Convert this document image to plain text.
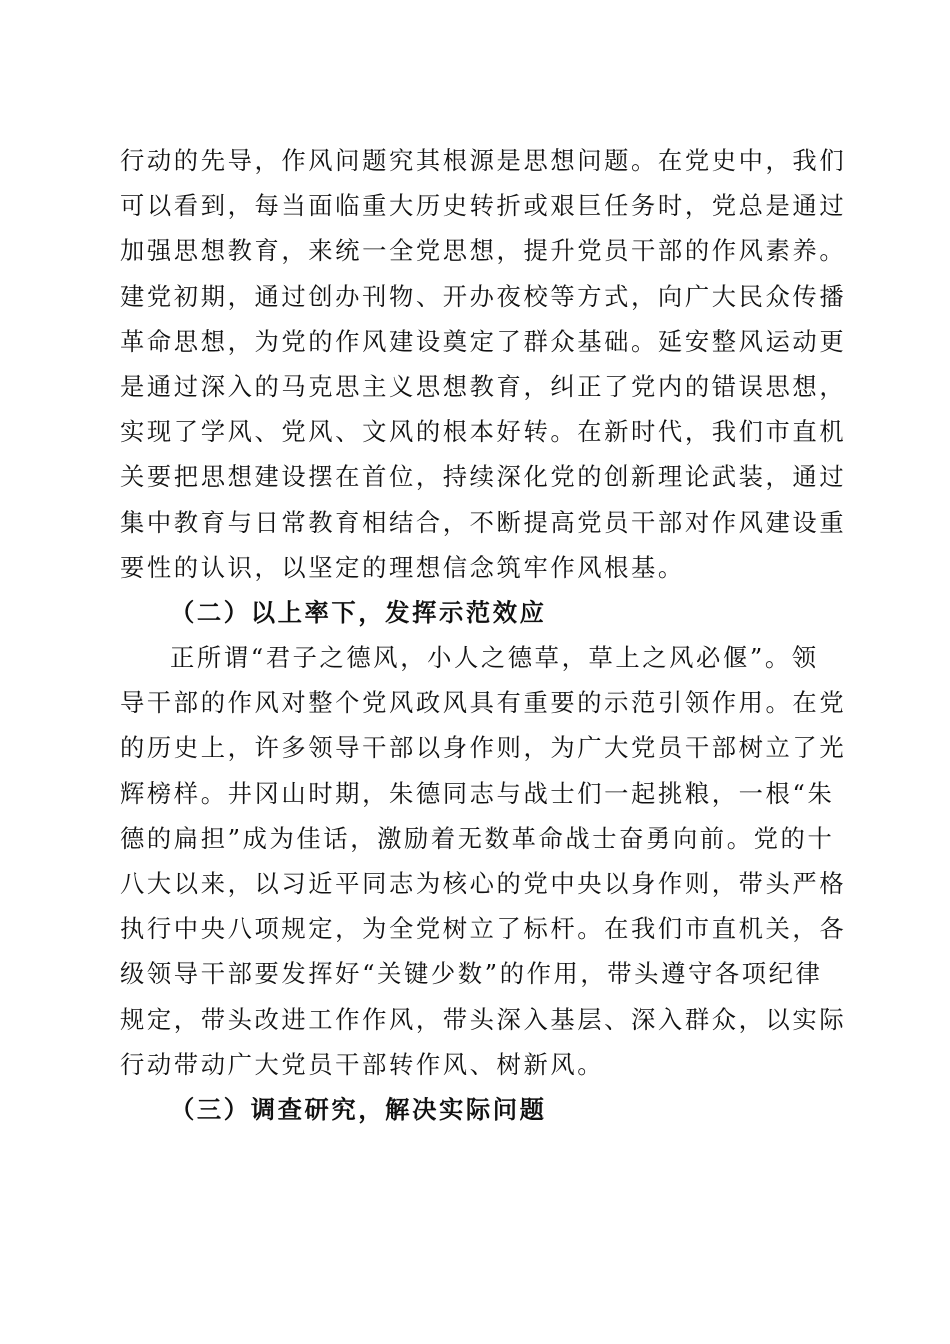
行动的先导，作风问题究其根源是思想问题。在党史中，我们
可以看到，每当面临重大历史转折或艰巨任务时，党总是通过
加强思想教育，来统一全党思想，提升党员干部的作风素养。
建党初期，通过创办刊物、开办夜校等方式，向广大民众传播
革命思想，为党的作风建设奠定了群众基础。延安整风运动更
是通过深入的马克思主义思想教育，纠正了党内的错误思想，
实现了学风、党风、文风的根本好转。在新时代，我们市直机
关要把思想建设摆在首位，持续深化党的创新理论武装，通过
集中教育与日常教育相结合，不断提高党员干部对作风建设重
要性的认识，以坚定的理想信念筑牢作风根基。
（二）以上率下，发挥示范效应
正所谓“君子之德风，小人之德草，草上之风必偃”。领
导干部的作风对整个党风政风具有重要的示范引领作用。在党
的历史上，许多领导干部以身作则，为广大党员干部树立了光
辉榜样。井冈山时期，朱德同志与战士们一起挑粮，一根“朱
德的扁担”成为佳话，激励着无数革命战士奋勇向前。党的十
八大以来，以习近平同志为核心的党中央以身作则，带头严格
执行中央八项规定，为全党树立了标杆。在我们市直机关，各
级领导干部要发挥好“关键少数”的作用，带头遵守各项纪律
规定，带头改进工作作风，带头深入基层、深入群众，以实际
行动带动广大党员干部转作风、树新风。
（三）调查研究，解决实际问题
